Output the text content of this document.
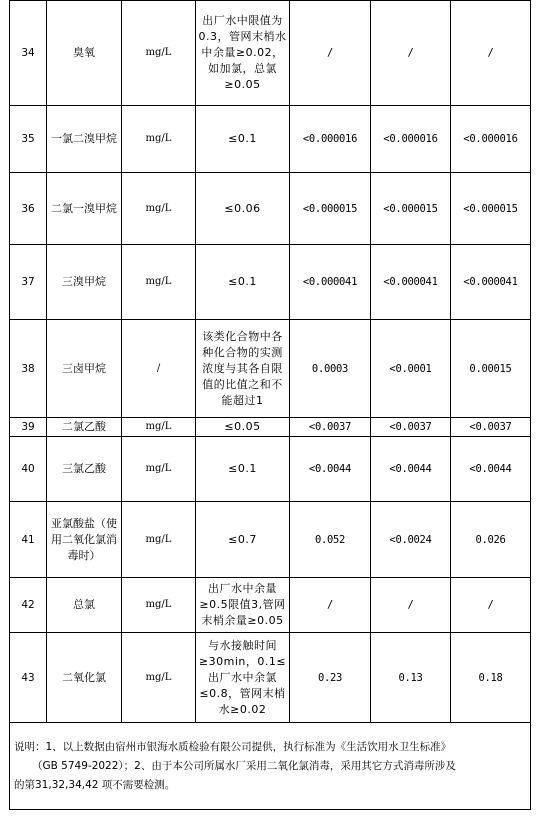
34	臭氧	mg/L	出厂水中限值为0.3，管网末梢水中余量≥0.02，如加氯，总氯≥0.05	/	/	/
35	一氯二溴甲烷	mg/L	≤0.1	<0.000016	<0.000016	<0.000016
36	二氯一溴甲烷	mg/L	≤0.06	<0.000015	<0.000015	<0.000015
37	三溴甲烷	mg/L	≤0.1	<0.000041	<0.000041	<0.000041
38	三卤甲烷	/	该类化合物中各种化合物的实测浓度与其各自限值的比值之和不能超过1	0.0003	<0.0001	0.00015
39	二氯乙酸	mg/L	≤0.05	<0.0037	<0.0037	<0.0037
40	三氯乙酸	mg/L	≤0.1	<0.0044	<0.0044	<0.0044
41	亚氯酸盐（使用二氧化氯消毒时）	mg/L	≤0.7	0.052	<0.0024	0.026
42	总氯	mg/L	出厂水中余量≥0.5限值3,管网末梢余量≥0.05	/	/	/
43	二氧化氯	mg/L	与水接触时间≥30min，0.1≤出厂水中余氯≤0.8，管网末梢水≥0.02	0.23	0.13	0.18

说明：1、以上数据由宿州市银海水质检验有限公司提供，执行标准为《生活饮用水卫生标准》
（GB 5749-2022）；2、由于本公司所属水厂采用二氧化氯消毒，采用其它方式消毒所涉及
的第31,32,34,42 项不需要检测。						
